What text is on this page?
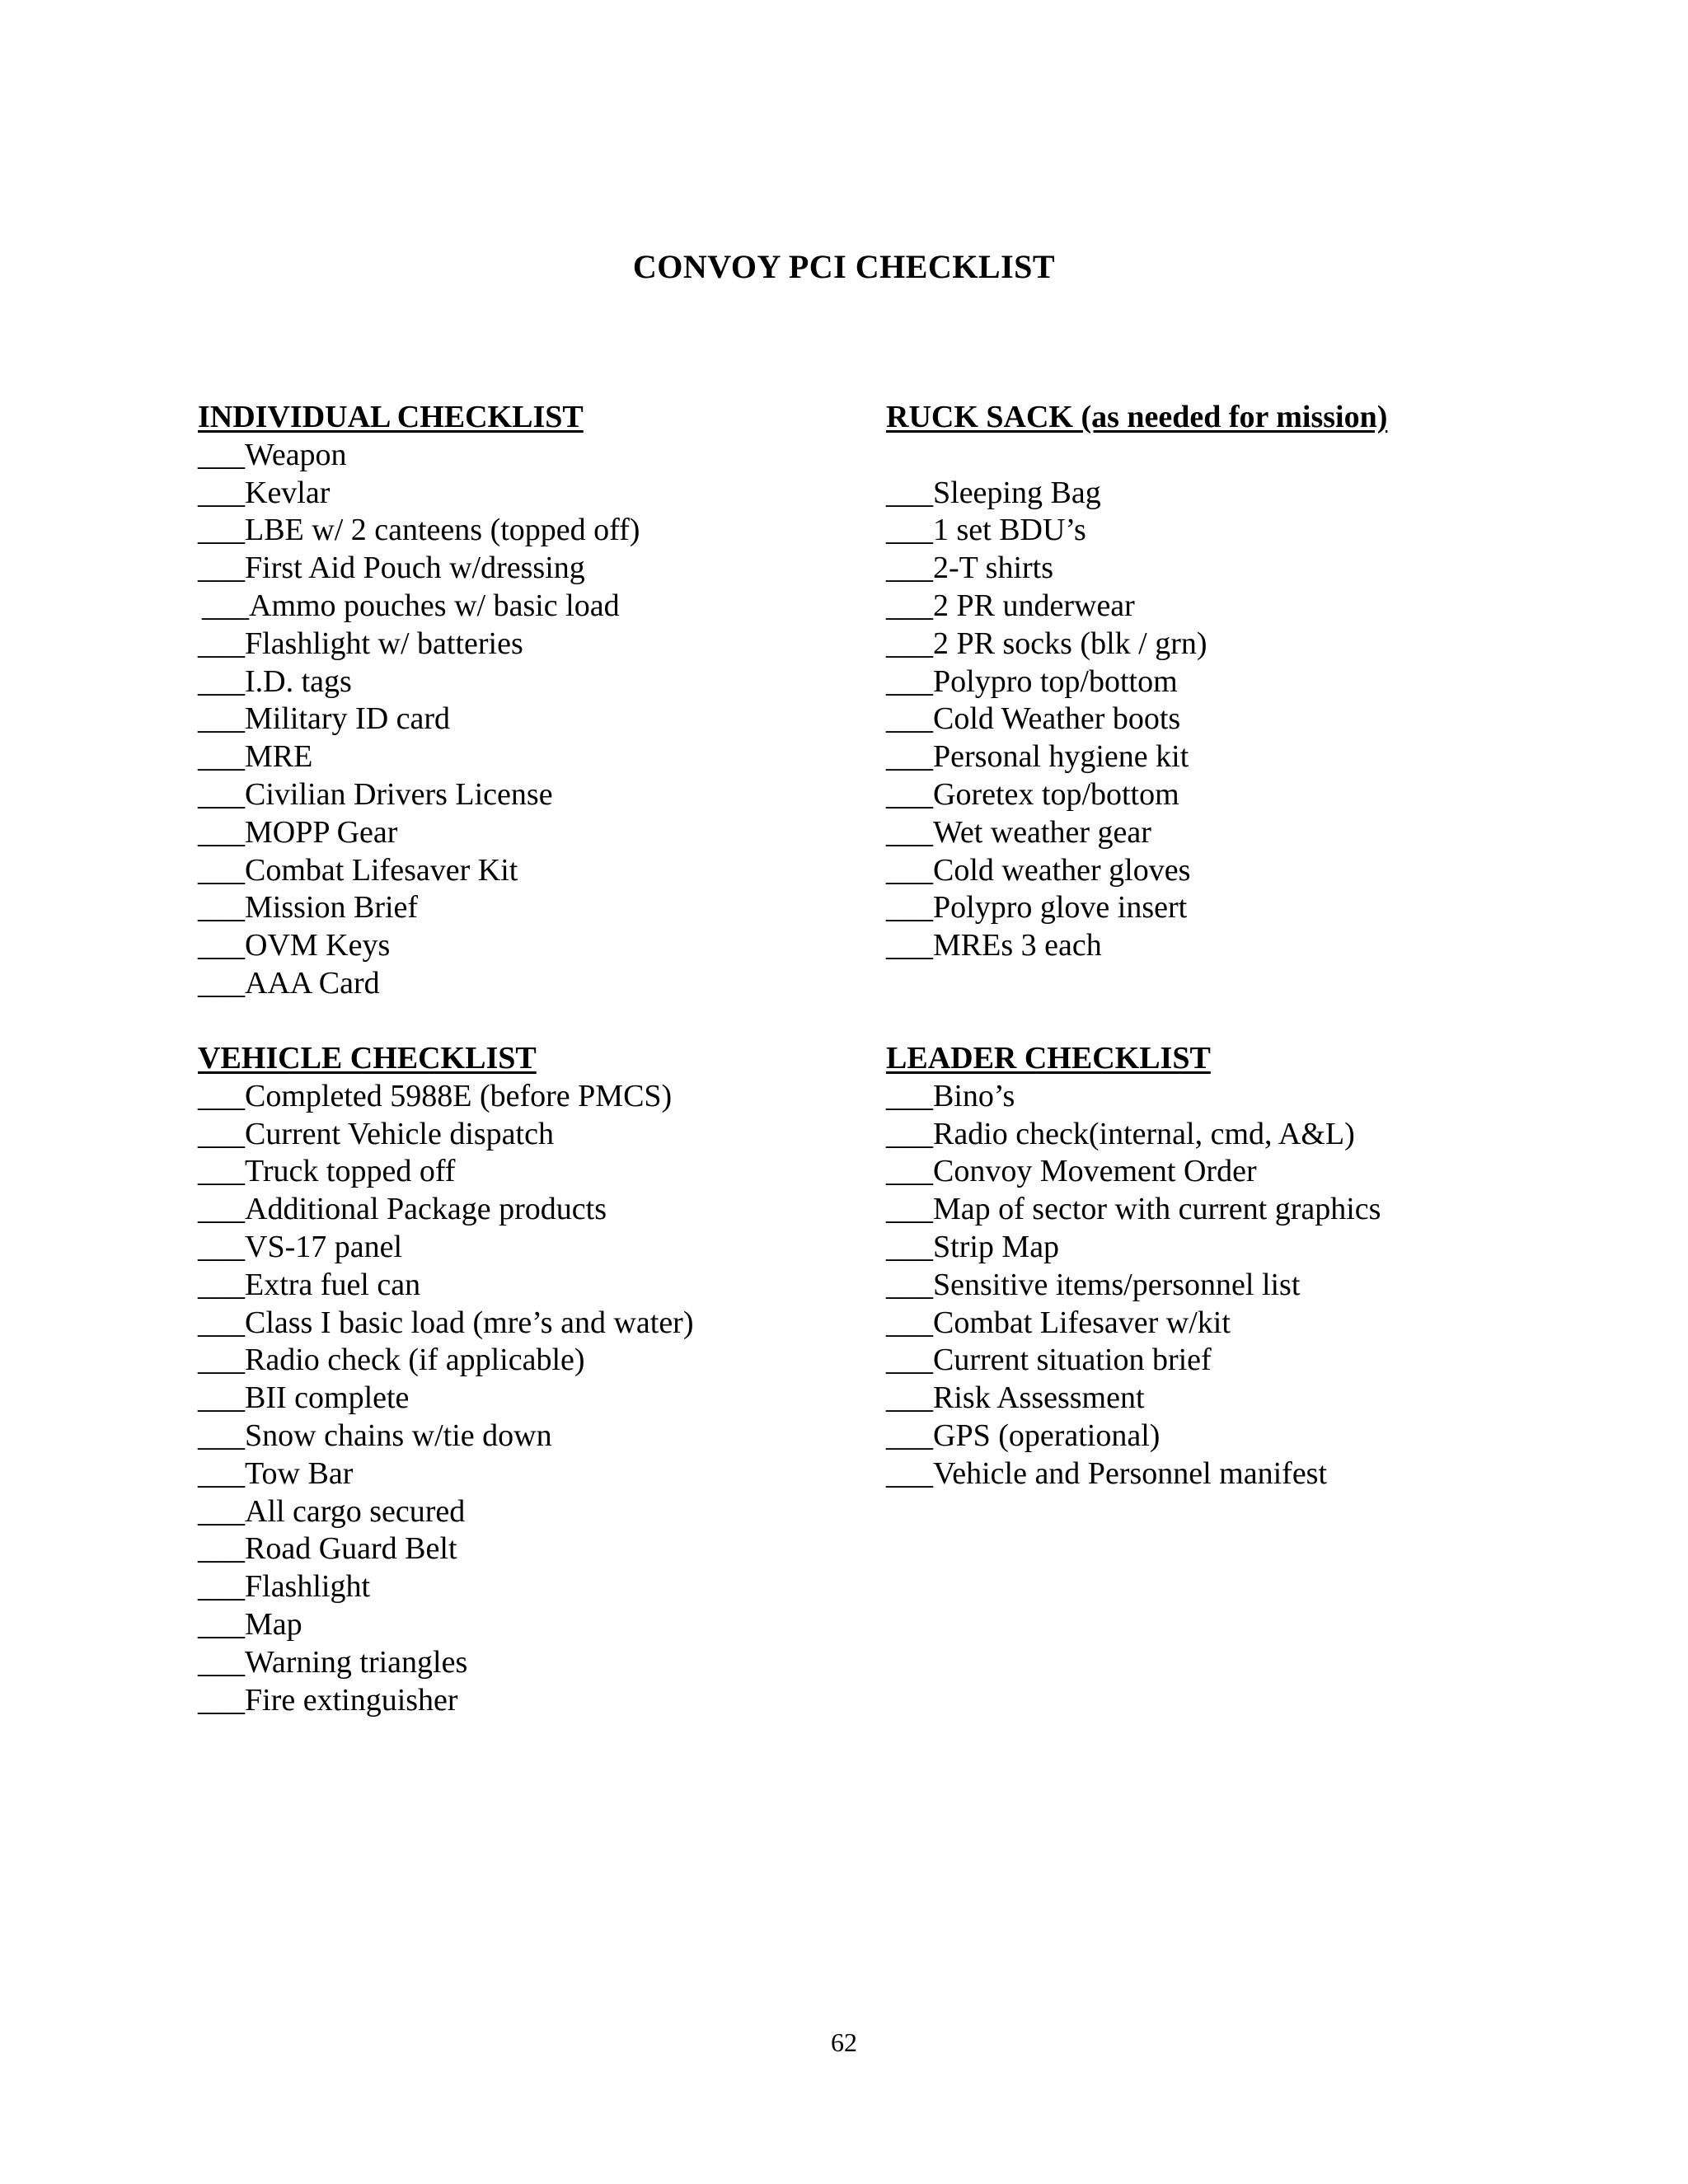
CONVOY PCI CHECKLIST
INDIVIDUAL CHECKLIST
___Weapon
___Kevlar
___LBE w/ 2 canteens (topped off)
___First Aid Pouch w/dressing
___Ammo pouches w/ basic load
___Flashlight w/ batteries
___I.D. tags
___Military ID card
___MRE
___Civilian Drivers License
___MOPP Gear
___Combat Lifesaver Kit
___Mission Brief
___OVM Keys
___AAA Card
RUCK SACK (as needed for mission)
___Sleeping Bag
___1 set BDU’s
___2-T shirts
___2 PR underwear
___2 PR socks (blk / grn)
___Polypro top/bottom
___Cold Weather boots
___Personal hygiene kit
___Goretex top/bottom
___Wet weather gear
___Cold weather gloves
___Polypro glove insert
___MREs 3 each
VEHICLE CHECKLIST
___Completed 5988E (before PMCS)
___Current Vehicle dispatch
___Truck topped off
___Additional Package products
___VS-17 panel
___Extra fuel can
___Class I basic load (mre’s and water)
___Radio check (if applicable)
___BII complete
___Snow chains w/tie down
___Tow Bar
___All cargo secured
___Road Guard Belt
___Flashlight
___Map
___Warning triangles
___Fire extinguisher
LEADER CHECKLIST
___Bino’s
___Radio check(internal, cmd, A&L)
___Convoy Movement Order
___Map of sector with current graphics
___Strip Map
___Sensitive items/personnel list
___Combat Lifesaver w/kit
___Current situation brief
___Risk Assessment
___GPS (operational)
___Vehicle and Personnel manifest
62
